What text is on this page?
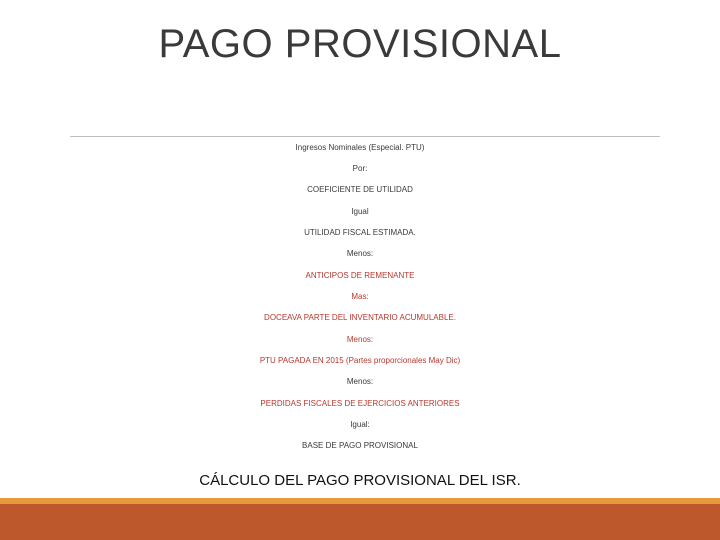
PAGO PROVISIONAL
Ingresos Nominales (Especial. PTU)
Por:
COEFICIENTE DE UTILIDAD
Igual
UTILIDAD FISCAL ESTIMADA.
Menos:
ANTICIPOS DE REMENANTE
Mas:
DOCEAVA PARTE DEL INVENTARIO ACUMULABLE.
Menos:
PTU PAGADA EN 2015 (Partes proporcionales May Dic)
Menos:
PERDIDAS FISCALES DE EJERCICIOS ANTERIORES
Igual:
BASE DE PAGO PROVISIONAL
CÁLCULO DEL PAGO PROVISIONAL DEL ISR.
